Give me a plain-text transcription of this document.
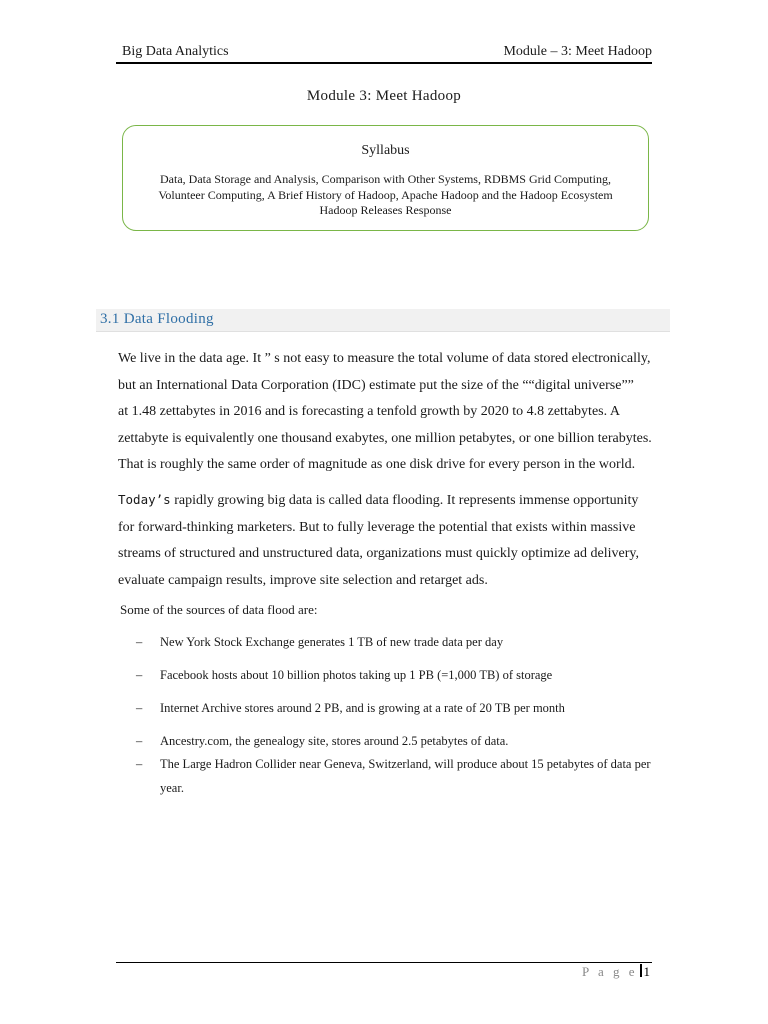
Big Data Analytics	Module – 3: Meet Hadoop
Module 3: Meet Hadoop
Syllabus
Data, Data Storage and Analysis, Comparison with Other Systems, RDBMS Grid Computing,
Volunteer Computing, A Brief History of Hadoop, Apache Hadoop and the Hadoop Ecosystem
Hadoop Releases Response
3.1 Data Flooding
We live in the data age. It ” s not easy to measure the total volume of data stored electronically,
but an International Data Corporation (IDC) estimate put the size of the ““digital universe””
at 1.48 zettabytes in 2016 and is forecasting a tenfold growth by 2020 to 4.8 zettabytes. A
zettabyte is equivalently one thousand exabytes, one million petabytes, or one billion terabytes.
That is roughly the same order of magnitude as one disk drive for every person in the world.
Today’s rapidly growing big data is called data flooding. It represents immense opportunity
for forward-thinking marketers. But to fully leverage the potential that exists within massive
streams of structured and unstructured data, organizations must quickly optimize ad delivery,
evaluate campaign results, improve site selection and retarget ads.
Some of the sources of data flood are:
– New York Stock Exchange generates 1 TB of new trade data per day
– Facebook hosts about 10 billion photos taking up 1 PB (=1,000 TB) of storage
– Internet Archive stores around 2 PB, and is growing at a rate of 20 TB per month
– Ancestry.com, the genealogy site, stores around 2.5 petabytes of data.
– The Large Hadron Collider near Geneva, Switzerland, will produce about 15 petabytes of data per year.
P a g e 1
